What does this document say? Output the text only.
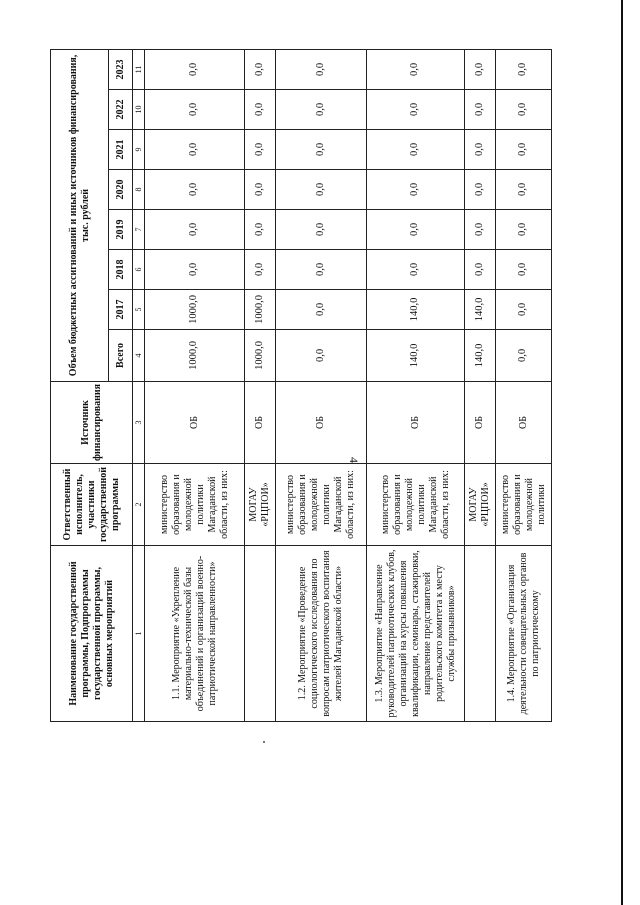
4
Наименование государственной программы, Подпрограммы государственной программы, основных мероприятий	Ответственный исполнитель, участники государственной программы	Источник финансирования	Объем бюджетных ассигнований и иных источников финансирования, тыс. рублей							
			Всего	2017	2018	2019	2020	2021	2022	2023
1	2	3	4	5	6	7	8	9	10	11
1.1. Мероприятие «Укрепление материально-технической базы объединений и организаций военно-патриотической направленности»	министерство образования и молодежной политики Магаданской области, из них:	ОБ	1000,0	1000,0	0,0	0,0	0,0	0,0	0,0	0,0
	МОГАУ «РЦПОИ»	ОБ	1000,0	1000,0	0,0	0,0	0,0	0,0	0,0	0,0
1.2. Мероприятие «Проведение социологического исследования по вопросам патриотического воспитания жителей Магаданской области»	министерство образования и молодежной политики Магаданской области, из них:	ОБ	0,0	0,0	0,0	0,0	0,0	0,0	0,0	0,0
1.3. Мероприятие «Направление руководителей патриотических клубов, организаций на курсы повышения квалификации, семинары, стажировки, направление представителей родительского комитета к месту службы призывников»	министерство образования и молодежной политики Магаданской области, из них:	ОБ	140,0	140,0	0,0	0,0	0,0	0,0	0,0	0,0
	МОГАУ «РЦПОИ»	ОБ	140,0	140,0	0,0	0,0	0,0	0,0	0,0	0,0
1.4. Мероприятие «Организация деятельности совещательных органов по патриотическому	министерство образования и молодежной политики	ОБ	0,0	0,0	0,0	0,0	0,0	0,0	0,0	0,0
